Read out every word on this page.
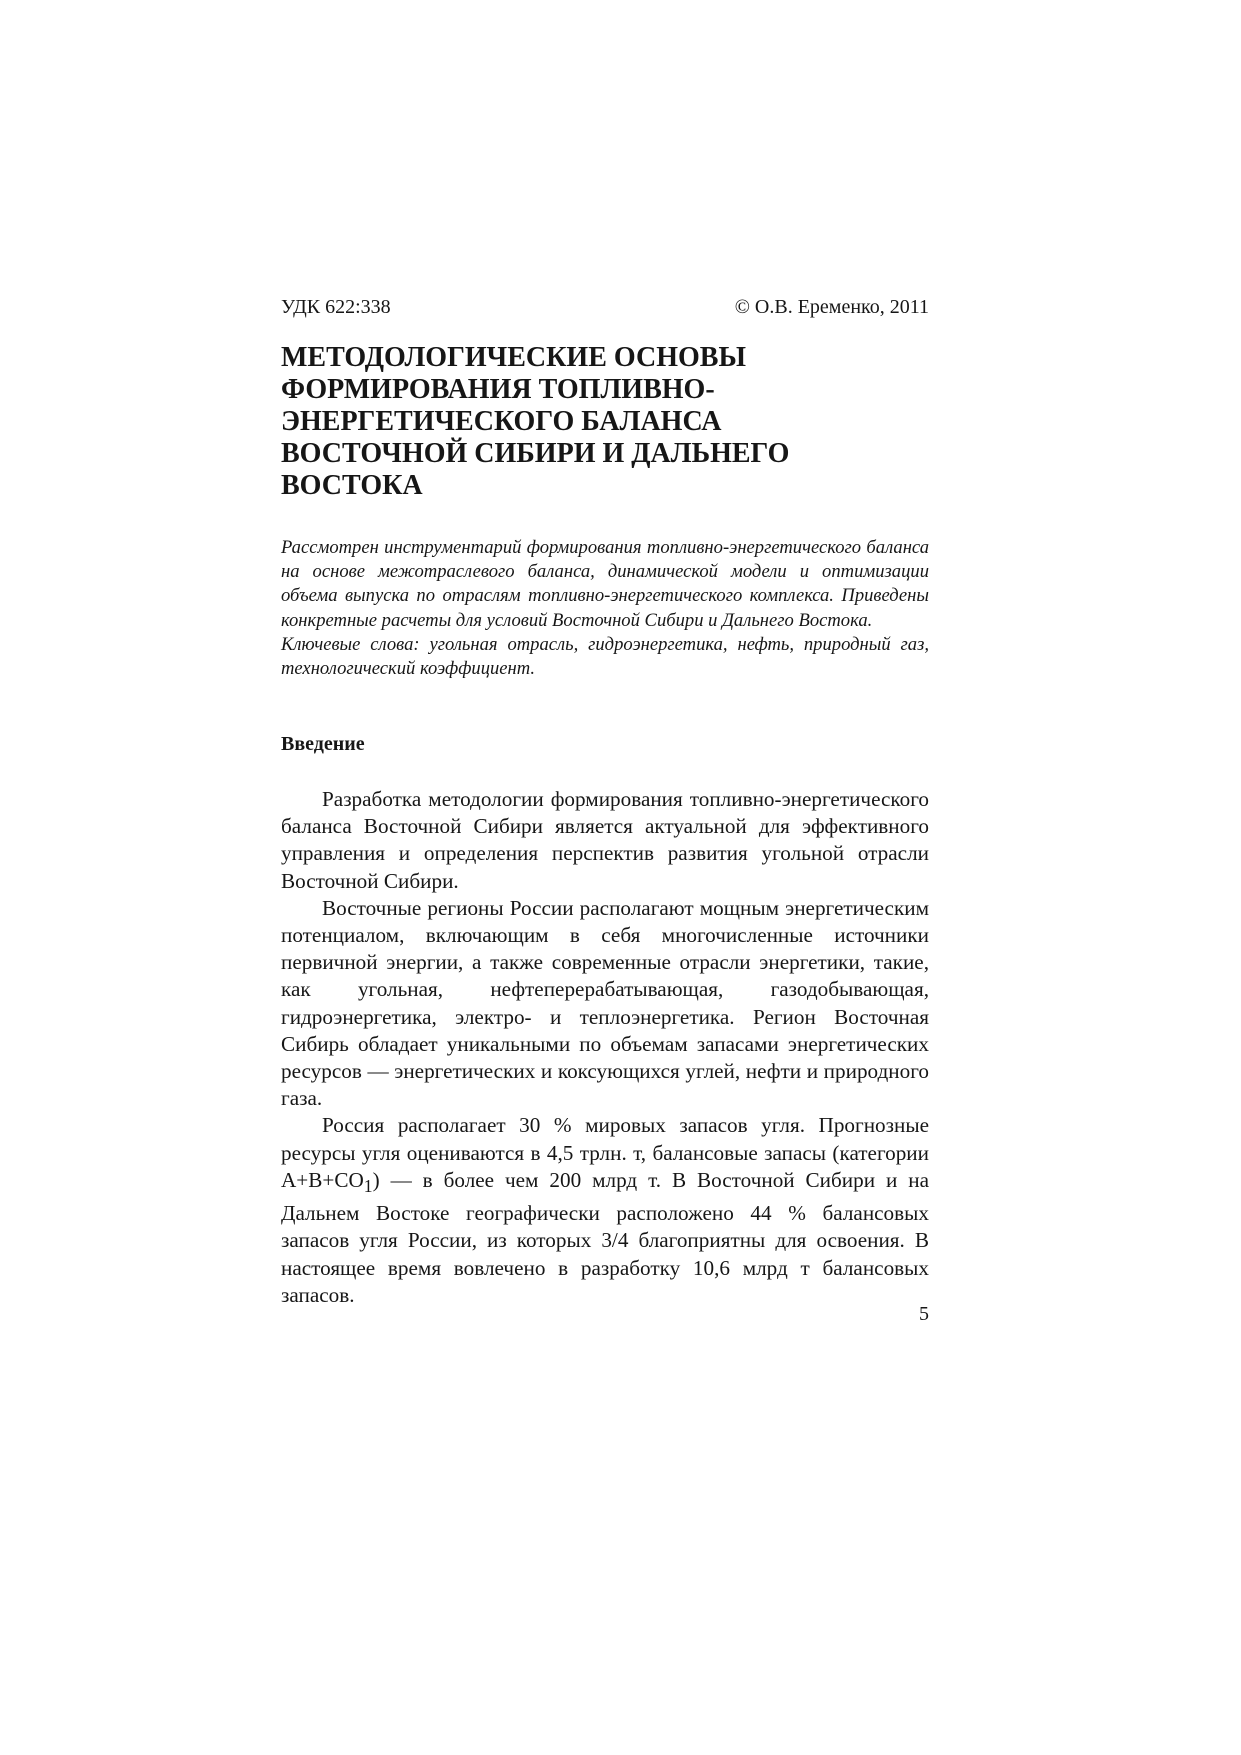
УДК 622:338	© О.В. Еременко, 2011
МЕТОДОЛОГИЧЕСКИЕ ОСНОВЫ
ФОРМИРОВАНИЯ ТОПЛИВНО-
ЭНЕРГЕТИЧЕСКОГО БАЛАНСА
ВОСТОЧНОЙ СИБИРИ И ДАЛЬНЕГО
ВОСТОКА

Рассмотрен инструментарий формирования топливно-энергетического баланса на основе межотраслевого баланса, динамической модели и оптимизации объема выпуска по отраслям топливно-энергетического комплекса. Приведены конкретные расчеты для условий Восточной Сибири и Дальнего Востока.

Ключевые слова: угольная отрасль, гидроэнергетика, нефть, природный газ, технологический коэффициент.

Введение

Разработка методологии формирования топливно-энергетического баланса Восточной Сибири является актуальной для эффективного управления и определения перспектив развития угольной отрасли Восточной Сибири.

Восточные регионы России располагают мощным энергетическим потенциалом, включающим в себя многочисленные источники первичной энергии, а также современные отрасли энергетики, такие, как угольная, нефтеперерабатывающая, газодобывающая, гидроэнергетика, электро- и теплоэнергетика. Регион Восточная Сибирь обладает уникальными по объемам запасами энергетических ресурсов — энергетических и коксующихся углей, нефти и природного газа.

Россия располагает 30 % мировых запасов угля. Прогнозные ресурсы угля оцениваются в 4,5 трлн. т, балансовые запасы (категории $А+В+СО_1$) — в более чем 200 млрд т. В Восточной Сибири и на Дальнем Востоке географически расположено 44 % балансовых запасов угля России, из которых 3/4 благоприятны для освоения. В настоящее время вовлечено в разработку 10,6 млрд т балансовых запасов.

5
